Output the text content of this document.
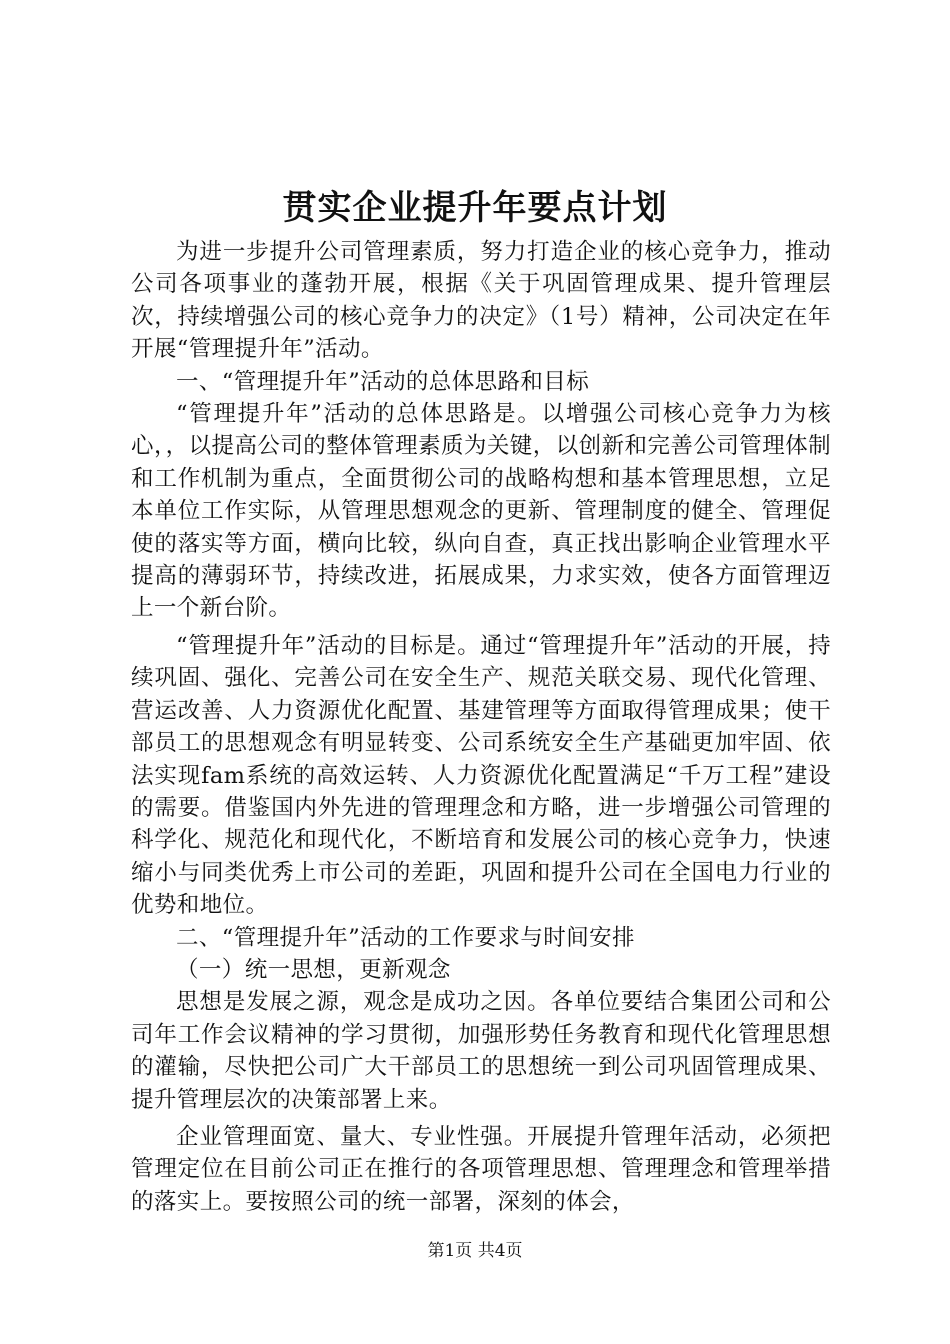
贯实企业提升年要点计划

为进一步提升公司管理素质，努力打造企业的核心竞争力，推动公司各项事业的蓬勃开展，根据《关于巩固管理成果、提升管理层次，持续增强公司的核心竞争力的决定》（1号）精神，公司决定在年开展“管理提升年”活动。

一、“管理提升年”活动的总体思路和目标

“管理提升年”活动的总体思路是。以增强公司核心竞争力为核心，，以提高公司的整体管理素质为关键，以创新和完善公司管理体制和工作机制为重点，全面贯彻公司的战略构想和基本管理思想，立足本单位工作实际，从管理思想观念的更新、管理制度的健全、管理促使的落实等方面，横向比较，纵向自查，真正找出影响企业管理水平提高的薄弱环节，持续改进，拓展成果，力求实效，使各方面管理迈上一个新台阶。

“管理提升年”活动的目标是。通过“管理提升年”活动的开展，持续巩固、强化、完善公司在安全生产、规范关联交易、现代化管理、营运改善、人力资源优化配置、基建管理等方面取得管理成果；使干部员工的思想观念有明显转变、公司系统安全生产基础更加牢固、依法实现fam系统的高效运转、人力资源优化配置满足“千万工程”建设的需要。借鉴国内外先进的管理理念和方略，进一步增强公司管理的科学化、规范化和现代化，不断培育和发展公司的核心竞争力，快速缩小与同类优秀上市公司的差距，巩固和提升公司在全国电力行业的优势和地位。

二、“管理提升年”活动的工作要求与时间安排

（一）统一思想，更新观念

思想是发展之源，观念是成功之因。各单位要结合集团公司和公司年工作会议精神的学习贯彻，加强形势任务教育和现代化管理思想的灌输，尽快把公司广大干部员工的思想统一到公司巩固管理成果、提升管理层次的决策部署上来。

企业管理面宽、量大、专业性强。开展提升管理年活动，必须把管理定位在目前公司正在推行的各项管理思想、管理理念和管理举措的落实上。要按照公司的统一部署，深刻的体会，

第1页 共4页
